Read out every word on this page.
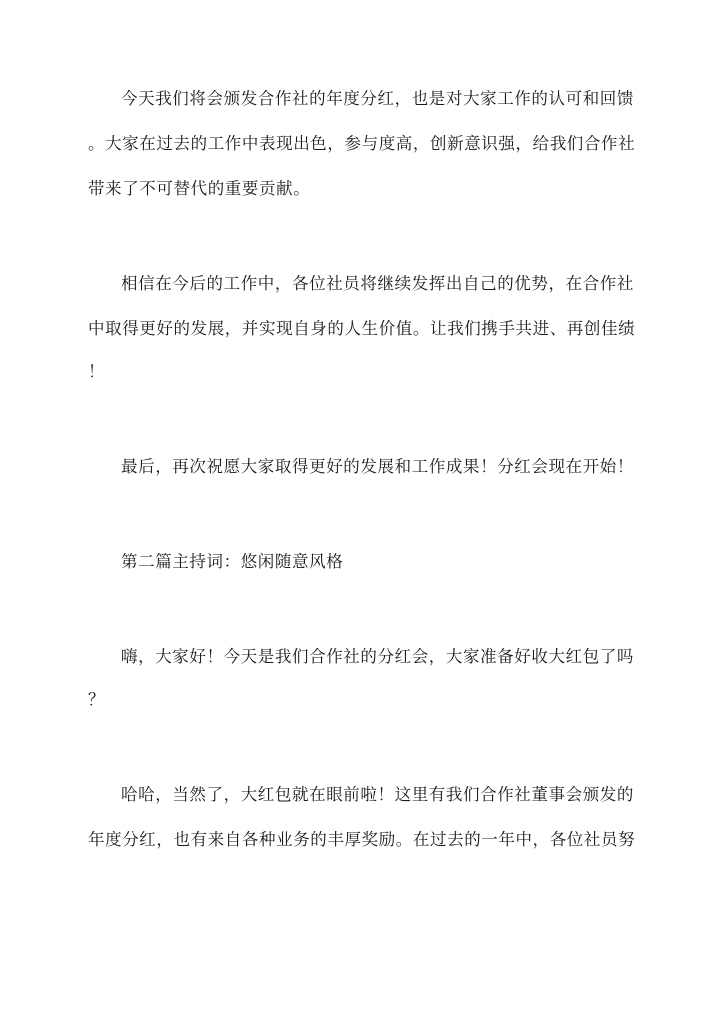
今天我们将会颁发合作社的年度分红，也是对大家工作的认可和回馈
。大家在过去的工作中表现出色，参与度高，创新意识强，给我们合作社
带来了不可替代的重要贡献。
相信在今后的工作中，各位社员将继续发挥出自己的优势，在合作社
中取得更好的发展，并实现自身的人生价值。让我们携手共进、再创佳绩
！
最后，再次祝愿大家取得更好的发展和工作成果！分红会现在开始！
第二篇主持词：悠闲随意风格
嗨，大家好！今天是我们合作社的分红会，大家准备好收大红包了吗
？
哈哈，当然了，大红包就在眼前啦！这里有我们合作社董事会颁发的
年度分红，也有来自各种业务的丰厚奖励。在过去的一年中，各位社员努
